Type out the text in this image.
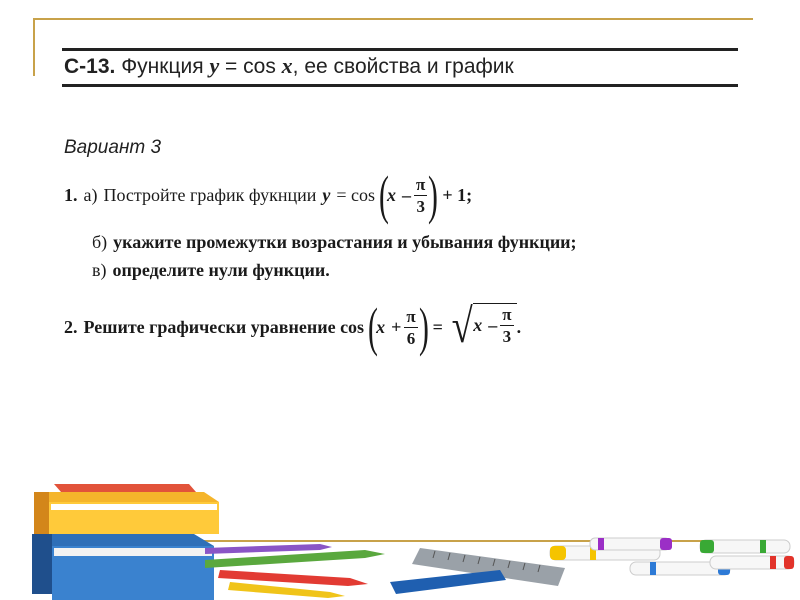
С-13. Функция y = cos x, ее свойства и график
Вариант 3
1. а) Постройте график фукнции y = cos (
x – $\frac{\pi}{3}$ ) + 1;
б) укажите промежутки возрастания и убывания функции;
в) определите нули функции.
2. Решите графически уравнение cos (
$x + \frac{\pi}{6}$ ) = √ x – $\frac{\pi}{3}$ .
